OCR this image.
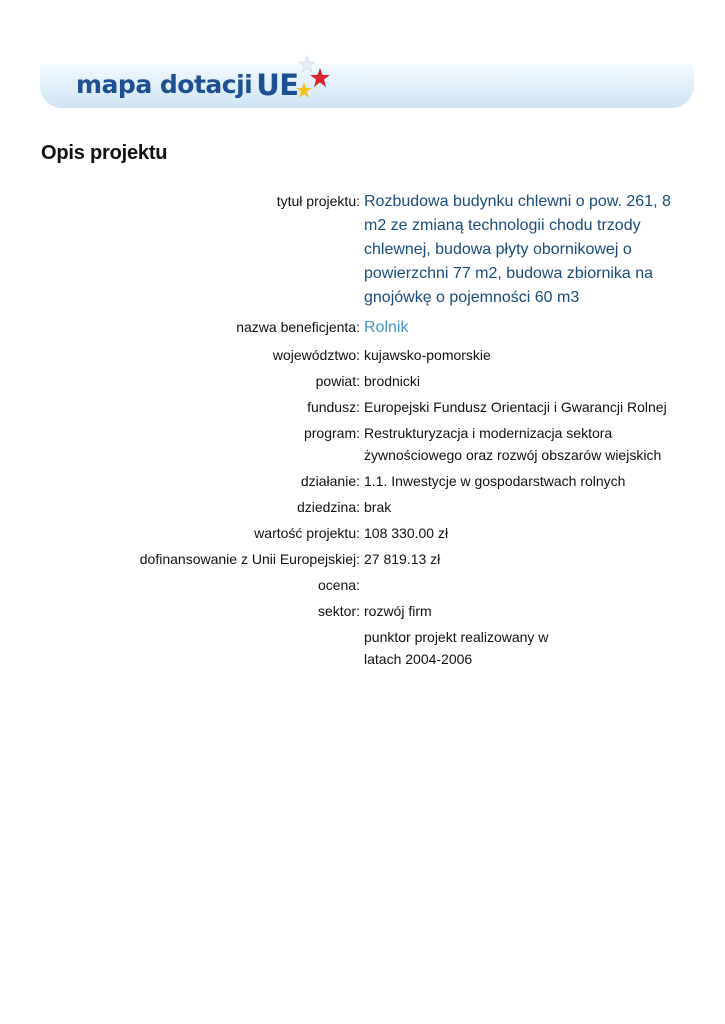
mapa dotacji UE
Opis projektu
tytuł projektu: Rozbudowa budynku chlewni o pow. 261, 8 m2 ze zmianą technologii chodu trzody chlewnej, budowa płyty obornikowej o powierzchni 77 m2, budowa zbiornika na gnojówkę o pojemności 60 m3
nazwa beneficjenta: Rolnik
województwo: kujawsko-pomorskie
powiat: brodnicki
fundusz: Europejski Fundusz Orientacji i Gwarancji Rolnej
program: Restrukturyzacja i modernizacja sektora żywnościowego oraz rozwój obszarów wiejskich
działanie: 1.1. Inwestycje w gospodarstwach rolnych
dziedzina: brak
wartość projektu: 108 330.00 zł
dofinansowanie z Unii Europejskiej: 27 819.13 zł
ocena:
sektor: rozwój firm
punktor projekt realizowany w latach 2004-2006
